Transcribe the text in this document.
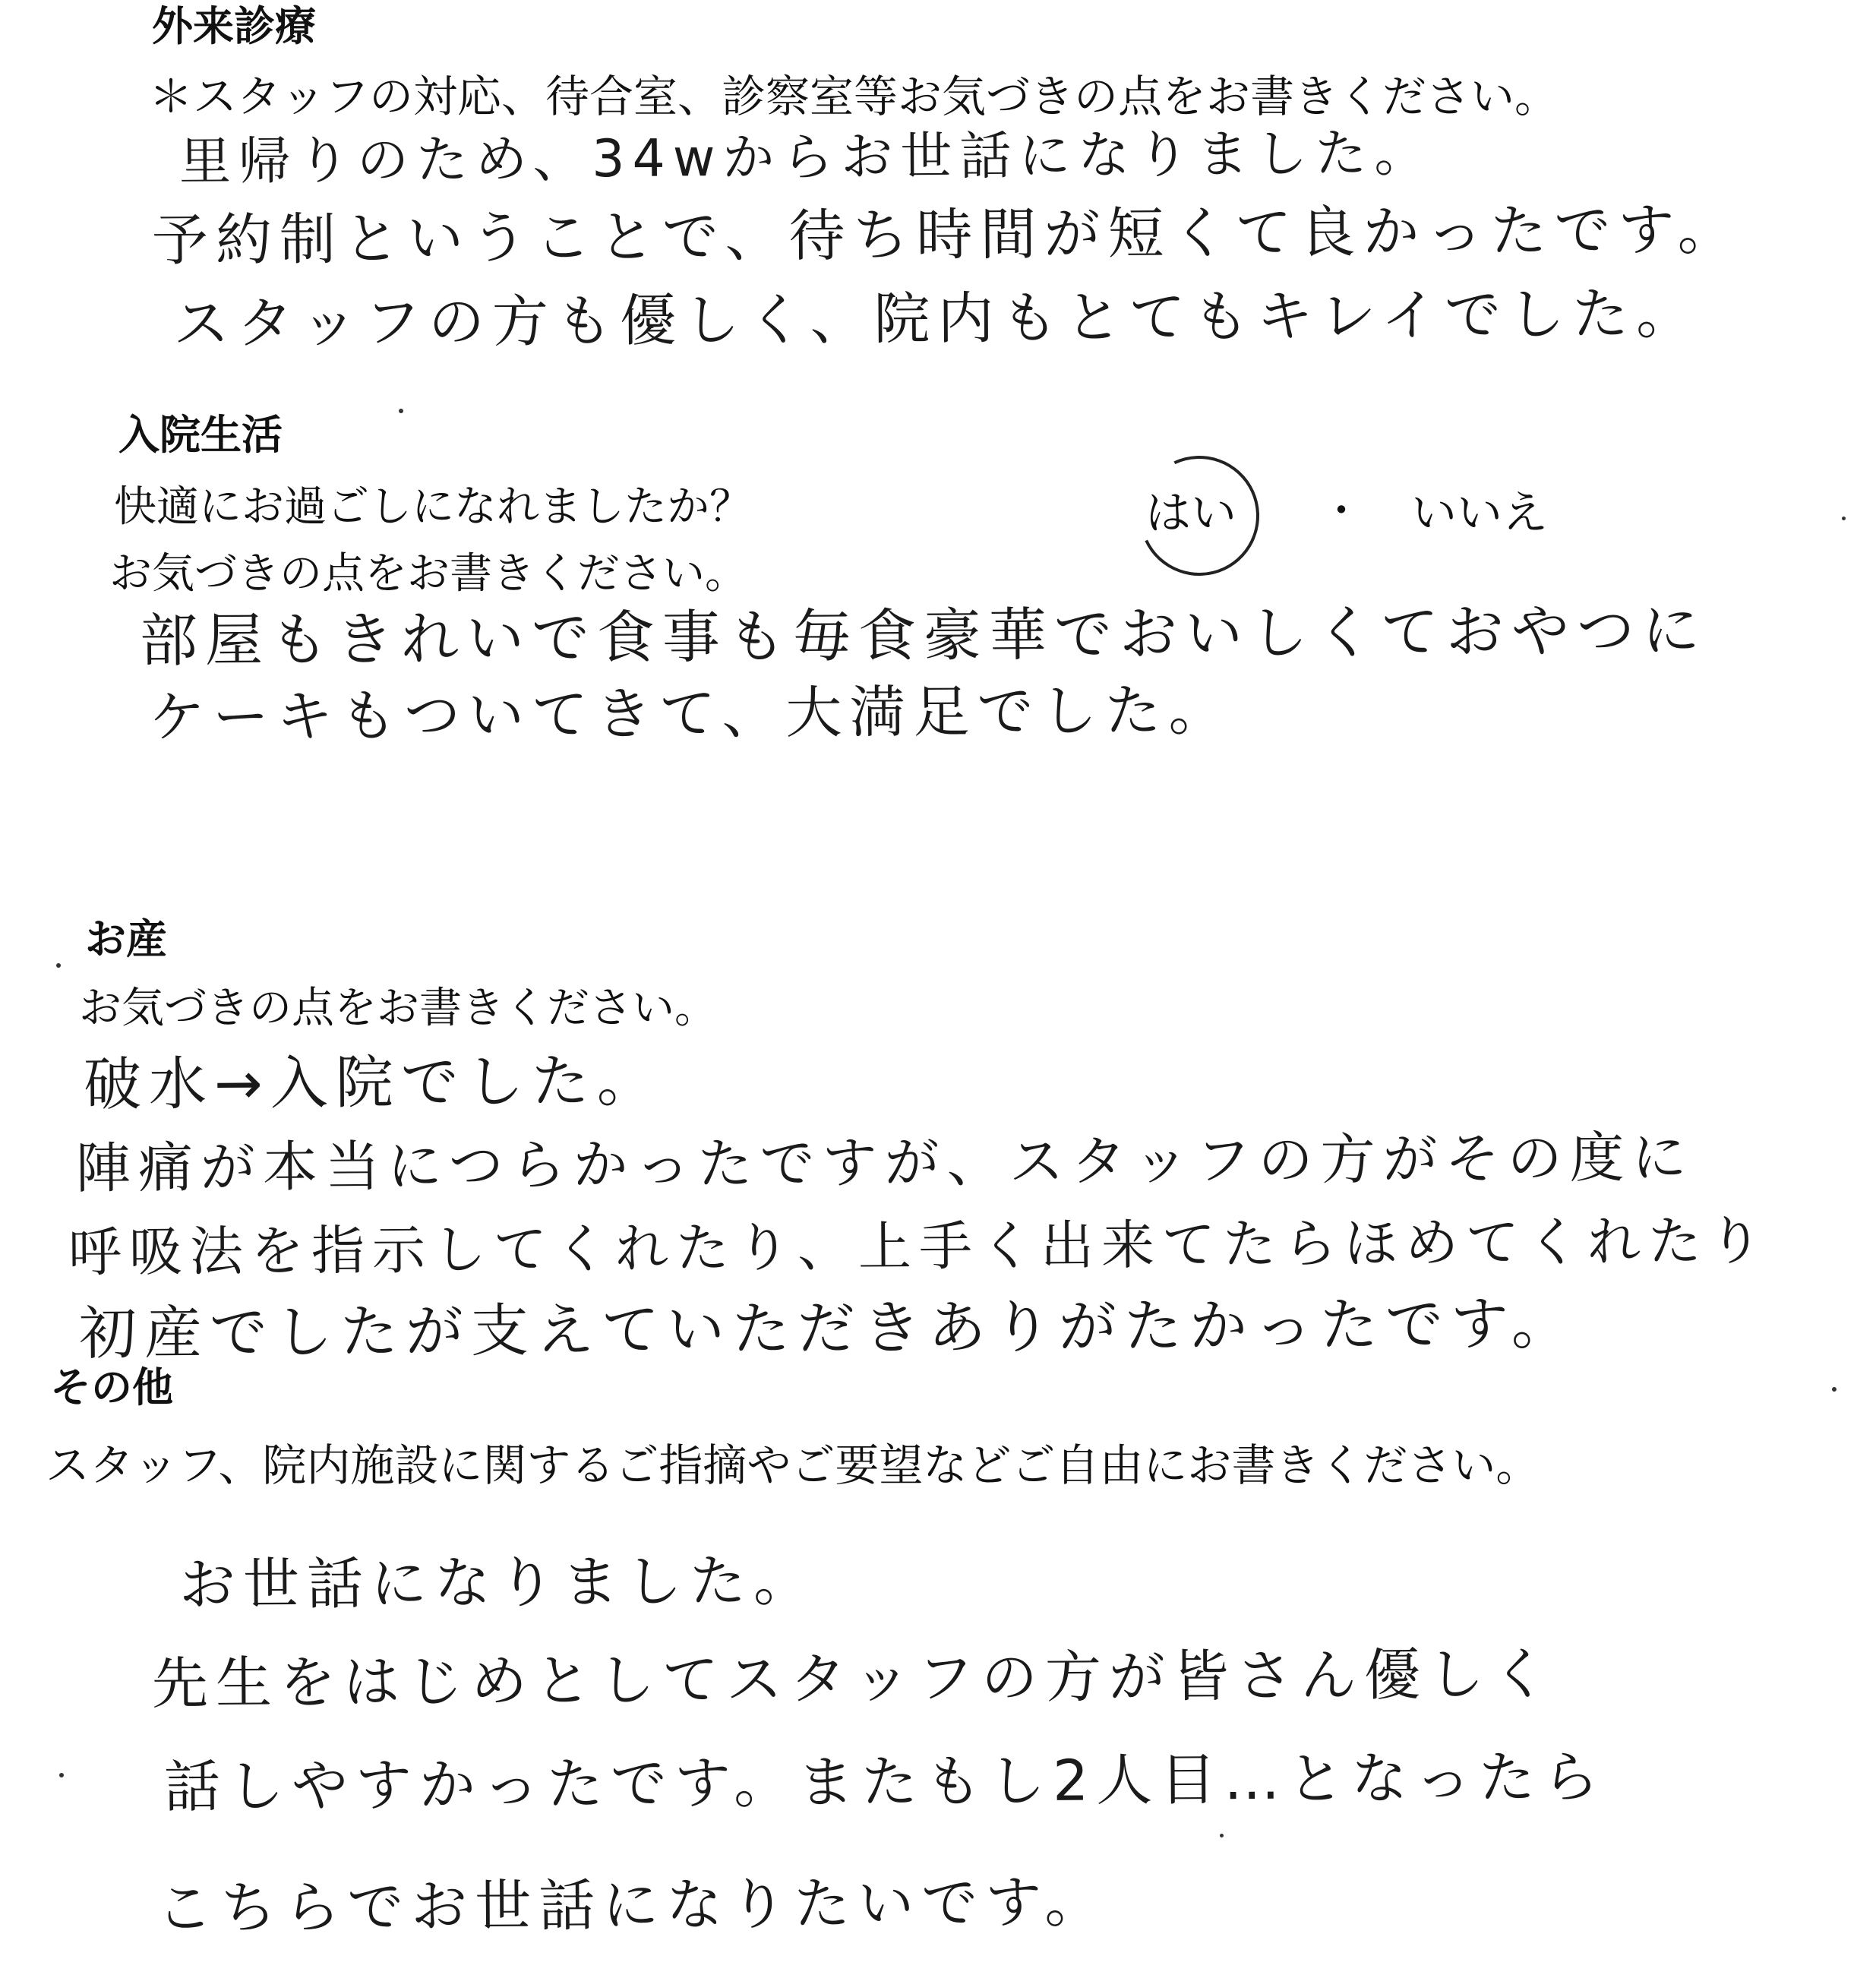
外来診療
＊スタッフの対応、待合室、診察室等お気づきの点をお書きください。
里帰りのため、34wからお世話になりました。
予約制ということで、待ち時間が短くて良かったです。
スタッフの方も優しく、院内もとてもキレイでした。
入院生活
快適にお過ごしになれましたか？	はい ・ いいえ
お気づきの点をお書きください。
部屋もきれいで食事も毎食豪華でおいしくておやつに
ケーキもついてきて、大満足でした。
お産
お気づきの点をお書きください。
破水→入院でした。
陣痛が本当につらかったですが、スタッフの方がその度に
呼吸法を指示してくれたり、上手く出来てたらほめてくれたり
初産でしたが支えていただきありがたかったです。
その他
スタッフ、院内施設に関するご指摘やご要望などご自由にお書きください。
お世話になりました。
先生をはじめとしてスタッフの方が皆さん優しく
話しやすかったです。またもし2人目…となったら
こちらでお世話になりたいです。
